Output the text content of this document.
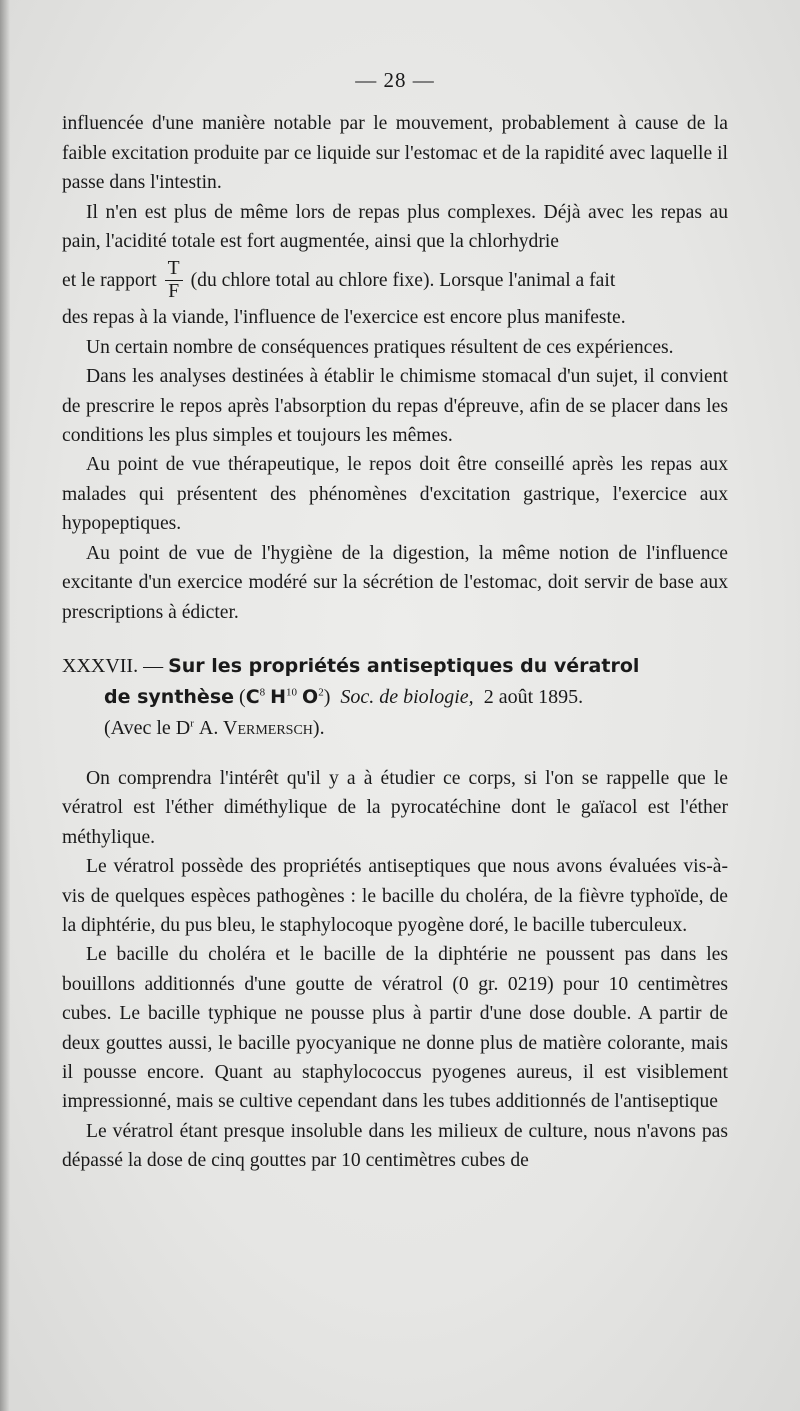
— 28 —

influencée d'une manière notable par le mouvement, probablement à cause de la faible excitation produite par ce liquide sur l'estomac et de la rapidité avec laquelle il passe dans l'intestin.

Il n'en est plus de même lors de repas plus complexes. Déjà avec les repas au pain, l'acidité totale est fort augmentée, ainsi que la chlorhydrie

et le rapport $\frac{T}{F} (du$ chlore total au chlore fixe). Lorsque l'animal a fait

des repas à la viande, l'influence de l'exercice est encore plus manifeste.

Un certain nombre de conséquences pratiques résultent de ces expériences.

Dans les analyses destinées à établir le chimisme stomacal d'un sujet, il convient de prescrire le repos après l'absorption du repas d'épreuve, afin de se placer dans les conditions les plus simples et toujours les mêmes.

Au point de vue thérapeutique, le repos doit être conseillé après les repas aux malades qui présentent des phénomènes d'excitation gastrique, l'exercice aux hypopeptiques.

Au point de vue de l'hygiène de la digestion, la même notion de l'influence excitante d'un exercice modéré sur la sécrétion de l'estomac, doit servir de base aux prescriptions à édicter.

XXXVII. — Sur les propriétés antiseptiques du vératrol
de synthèse ($C^8$ $H^{10}$ $O^2$)  Soc. de biologie, 2 août 1895.
(Avec le $D^r$ A. Vermersch).

On comprendra l'intérêt qu'il y a à étudier ce corps, si l'on se rappelle que le vératrol est l'éther diméthylique de la pyrocatéchine dont le gaïacol est l'éther méthylique.

Le vératrol possède des propriétés antiseptiques que nous avons évaluées vis-à-vis de quelques espèces pathogènes : le bacille du choléra, de la fièvre typhoïde, de la diphtérie, du pus bleu, le staphylocoque pyogène doré, le bacille tuberculeux.

Le bacille du choléra et le bacille de la diphtérie ne poussent pas dans les bouillons additionnés d'une goutte de vératrol (0 gr. 0219) pour 10 centimètres cubes. Le bacille typhique ne pousse plus à partir d'une dose double. A partir de deux gouttes aussi, le bacille pyocyanique ne donne plus de matière colorante, mais il pousse encore. Quant au staphylococcus pyogenes aureus, il est visiblement impressionné, mais se cultive cependant dans les tubes additionnés de l'antiseptique

Le vératrol étant presque insoluble dans les milieux de culture, nous n'avons pas dépassé la dose de cinq gouttes par 10 centimètres cubes de
